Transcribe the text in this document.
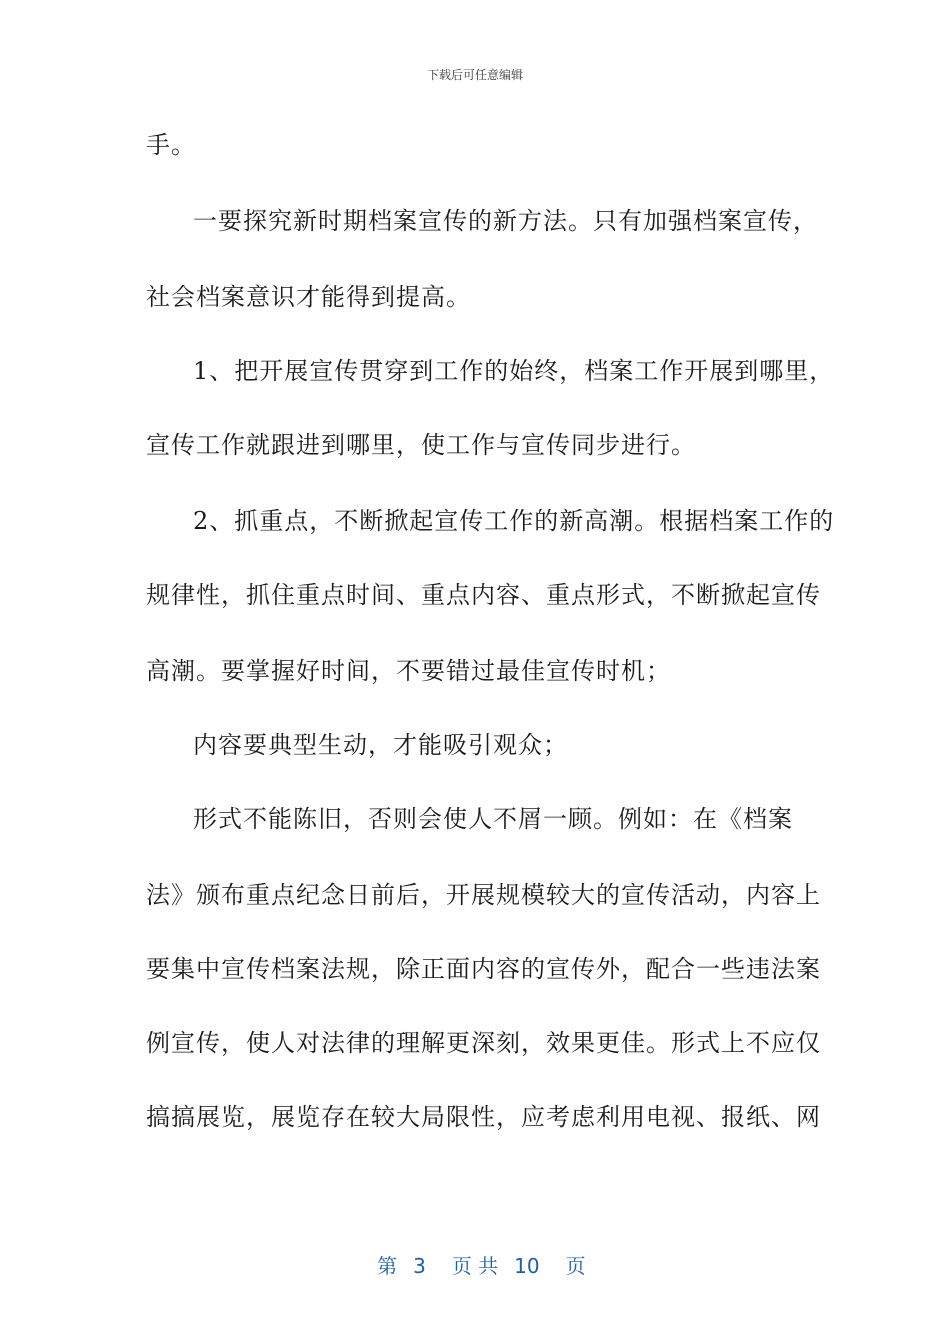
下载后可任意编辑
手。
一要探究新时期档案宣传的新方法。只有加强档案宣传，
社会档案意识才能得到提高。
1、把开展宣传贯穿到工作的始终，档案工作开展到哪里，
宣传工作就跟进到哪里，使工作与宣传同步进行。
2、抓重点，不断掀起宣传工作的新高潮。根据档案工作的
规律性，抓住重点时间、重点内容、重点形式，不断掀起宣传
高潮。要掌握好时间，不要错过最佳宣传时机；
内容要典型生动，才能吸引观众；
形式不能陈旧，否则会使人不屑一顾。例如：在《档案
法》颁布重点纪念日前后，开展规模较大的宣传活动，内容上
要集中宣传档案法规，除正面内容的宣传外，配合一些违法案
例宣传，使人对法律的理解更深刻，效果更佳。形式上不应仅
搞搞展览，展览存在较大局限性，应考虑利用电视、报纸、网

第 3 页 共 10 页
